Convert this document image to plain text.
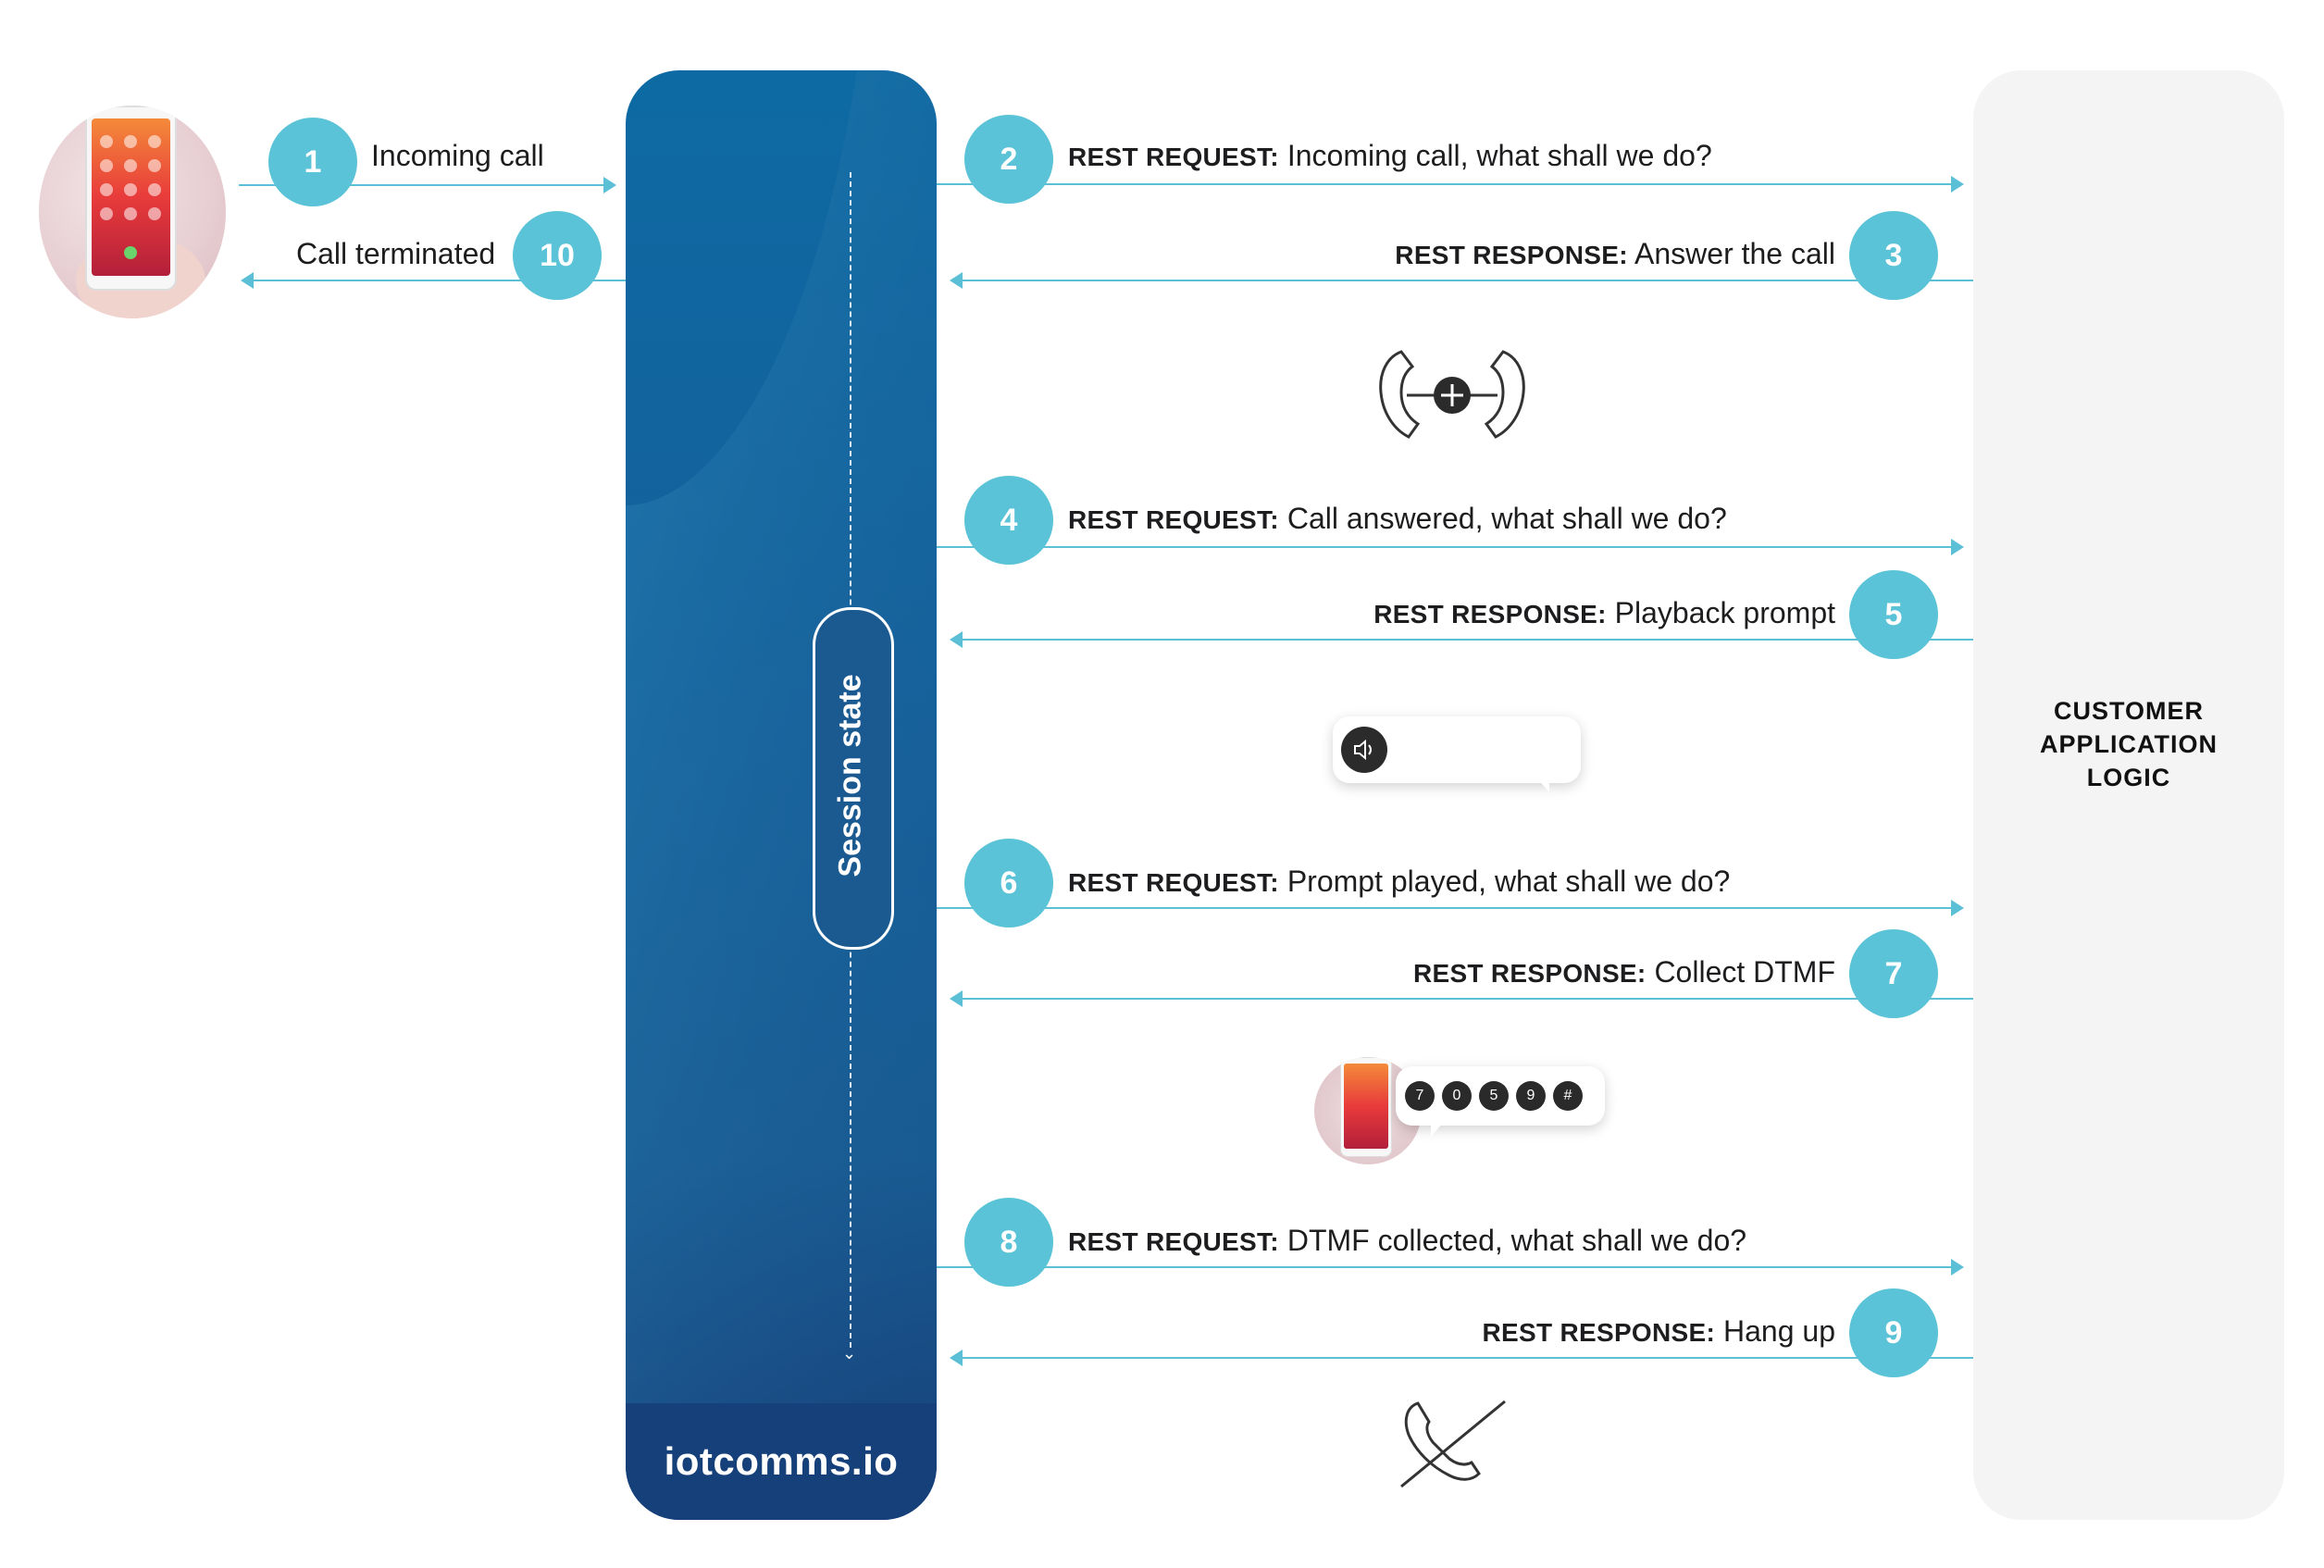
1	Incoming call
10
Call terminated
iotcomms.io
⌄
Session state	CUSTOMER
APPLICATION
LOGIC
2	REST REQUEST: Incoming call, what shall we do?
3
REST RESPONSE: Answer the call
4	REST REQUEST: Call answered, what shall we do?
5
REST RESPONSE: Playback prompt
6	REST REQUEST: Prompt played, what shall we do?
7
REST RESPONSE: Collect DTMF
7	0	5	9	#
8	REST REQUEST: DTMF collected, what shall we do?
9
REST RESPONSE: Hang up
